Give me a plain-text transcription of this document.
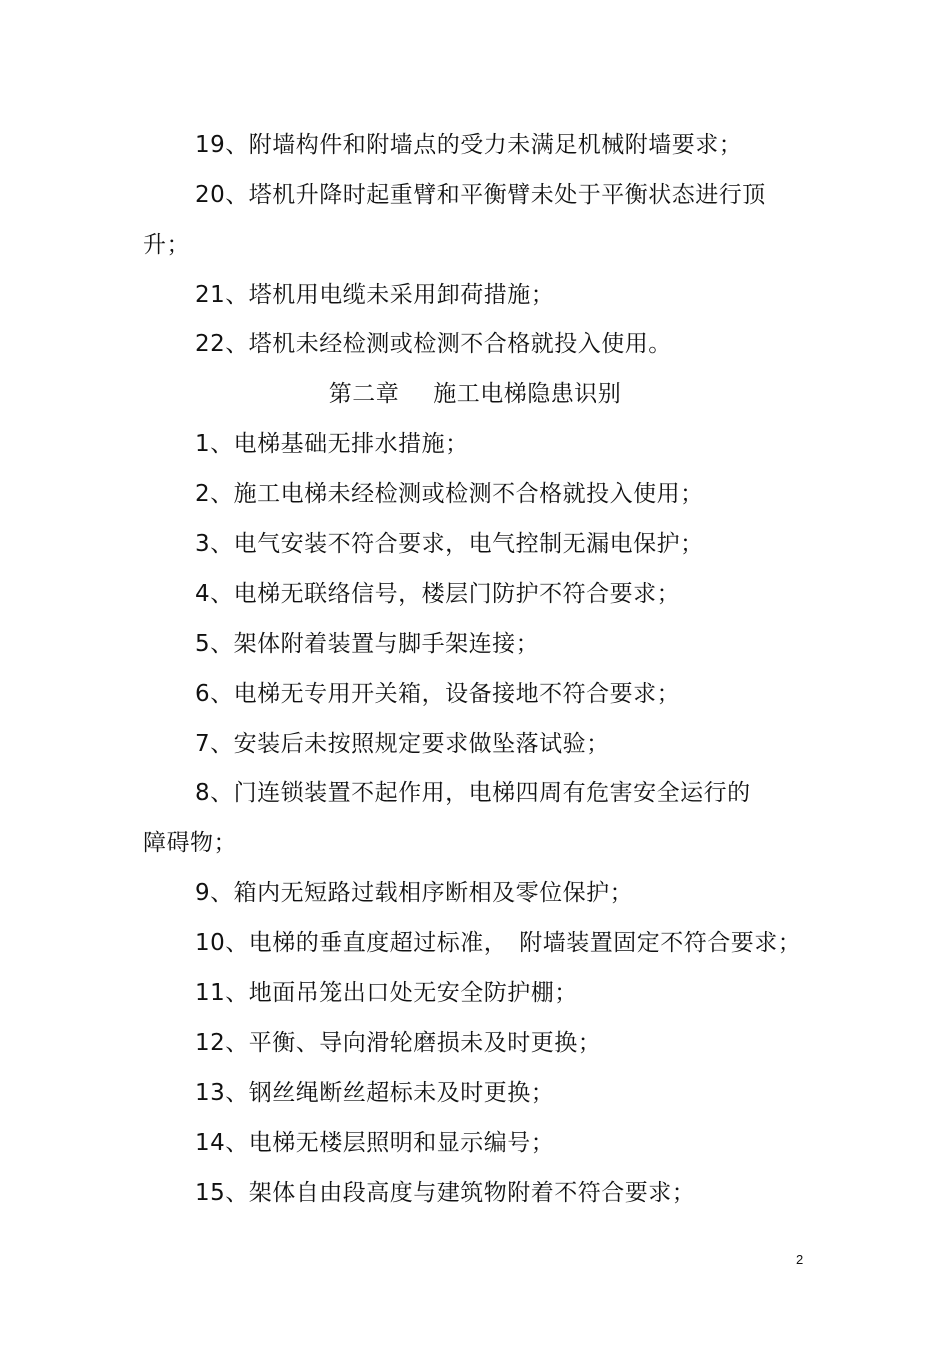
19、附墙构件和附墙点的受力未满足机械附墙要求；
20、塔机升降时起重臂和平衡臂未处于平衡状态进行顶
升；
21、塔机用电缆未采用卸荷措施；
22、塔机未经检测或检测不合格就投入使用。
第二章 施工电梯隐患识别
1、电梯基础无排水措施；
2、施工电梯未经检测或检测不合格就投入使用；
3、电气安装不符合要求，电气控制无漏电保护；
4、电梯无联络信号，楼层门防护不符合要求；
5、架体附着装置与脚手架连接；
6、电梯无专用开关箱，设备接地不符合要求；
7、安装后未按照规定要求做坠落试验；
8、门连锁装置不起作用，电梯四周有危害安全运行的
障碍物；
9、箱内无短路过载相序断相及零位保护；
10、电梯的垂直度超过标准，　附墙装置固定不符合要求；
11、地面吊笼出口处无安全防护棚；
12、平衡、导向滑轮磨损未及时更换；
13、钢丝绳断丝超标未及时更换；
14、电梯无楼层照明和显示编号；
15、架体自由段高度与建筑物附着不符合要求；
2
